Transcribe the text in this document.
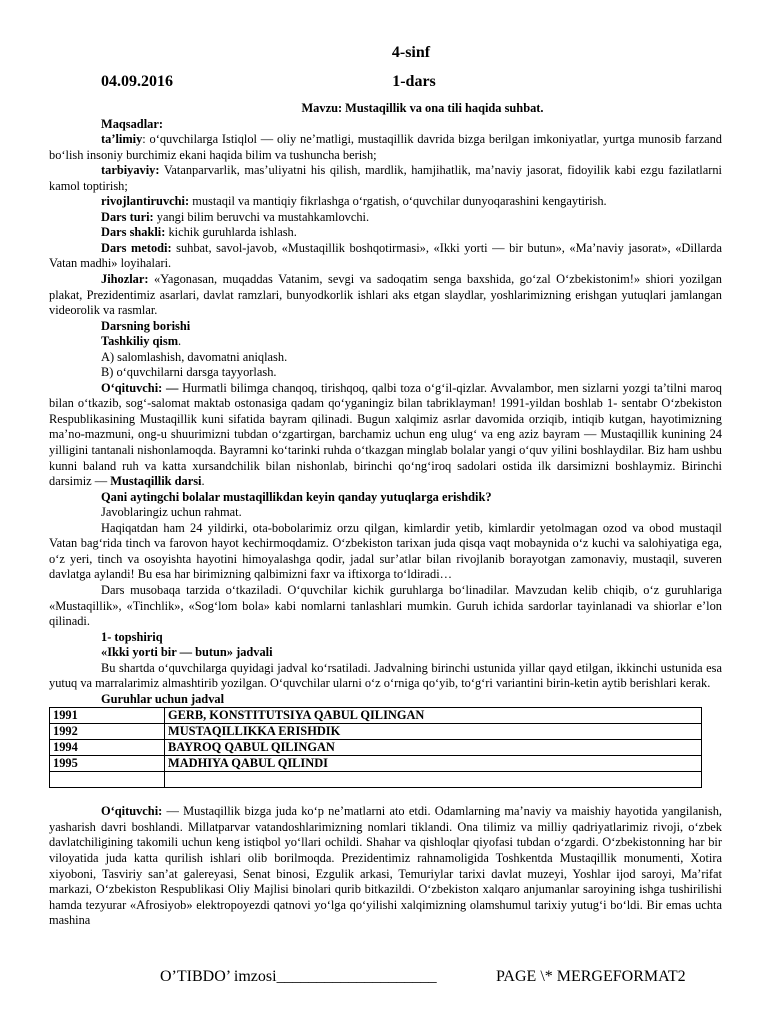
4-sinf
04.09.2016	1-dars
Mavzu: Mustaqillik va ona tili haqida suhbat.

Maqsadlar:

ta’limiy: o‘quvchilarga Istiqlol — oliy ne’matligi, mustaqillik davrida bizga berilgan imkoniyatlar, yurtga munosib farzand bo‘lish insoniy burchimiz ekani haqida bilim va tushuncha berish;

tarbiyaviy: Vatanparvarlik, mas’uliyatni his qilish, mardlik, hamjihatlik, ma’naviy jasorat, fidoyilik kabi ezgu fazilatlarni kamol toptirish;

rivojlantiruvchi: mustaqil va mantiqiy fikrlashga o‘rgatish, o‘quvchilar dunyoqarashini kengaytirish.

Dars turi: yangi bilim beruvchi va mustahkamlovchi.

Dars shakli: kichik guruhlarda ishlash.

Dars metodi: suhbat, savol-javob, «Mustaqillik boshqotirmasi», «Ikki yorti — bir butun», «Ma’naviy jasorat», «Dillarda Vatan madhi» loyihalari.

Jihozlar: «Yagonasan, muqaddas Vatanim, sevgi va sadoqatim senga baxshida, go‘zal O‘zbekistonim!» shiori yozilgan plakat, Prezidentimiz asarlari, davlat ramzlari, bunyodkorlik ishlari aks etgan slaydlar, yoshlarimizning erishgan yutuqlari jamlangan videorolik va rasmlar.

Darsning borishi

Tashkiliy qism.

A) salomlashish, davomatni aniqlash.

B) o‘quvchilarni darsga tayyorlash.

O‘qituvchi: — Hurmatli bilimga chanqoq, tirishqoq, qalbi toza o‘g‘il-qizlar. Avvalambor, men sizlarni yozgi ta’tilni maroq bilan o‘tkazib, sog‘-salomat maktab ostonasiga qadam qo‘yganingiz bilan tabriklayman! 1991-yildan boshlab 1- sentabr O‘zbekiston Respublikasining Mustaqillik kuni sifatida bayram qilinadi. Bugun xalqimiz asrlar davomida orziqib, intiqib kutgan, hayotimizning ma’no-mazmuni, ong-u shuurimizni tubdan o‘zgartirgan, barchamiz uchun eng ulug‘ va eng aziz bayram — Mustaqillik kunining 24 yilligini tantanali nishonlamoqda. Bayramni ko‘tarinki ruhda o‘tkazgan minglab bolalar yangi o‘quv yilini boshlaydilar. Biz ham ushbu kunni baland ruh va katta xursandchilik bilan nishonlab, birinchi qo‘ng‘iroq sadolari ostida ilk darsimizni boshlaymiz. Birinchi darsimiz — Mustaqillik darsi.

Qani aytingchi bolalar mustaqillikdan keyin qanday yutuqlarga erishdik?

Javoblaringiz uchun rahmat.

Haqiqatdan ham 24 yildirki, ota-bobolarimiz orzu qilgan, kimlardir yetib, kimlardir yetolmagan ozod va obod mustaqil Vatan bag‘rida tinch va farovon hayot kechirmoqdamiz. O‘zbekiston tarixan juda qisqa vaqt mobaynida o‘z kuchi va salohiyatiga ega, o‘z yeri, tinch va osoyishta hayotini himoyalashga qodir, jadal sur’atlar bilan rivojlanib borayotgan zamonaviy, mustaqil, suveren davlatga aylandi! Bu esa har birimizning qalbimizni faxr va iftixorga to‘ldiradi…

Dars musobaqa tarzida o‘tkaziladi. O‘quvchilar kichik guruhlarga bo‘linadilar. Mavzudan kelib chiqib, o‘z guruhlariga «Mustaqillik», «Tinchlik», «Sog‘lom bola» kabi nomlarni tanlashlari mumkin. Guruh ichida sardorlar tayinlanadi va shiorlar e’lon qilinadi.

1- topshiriq

«Ikki yorti bir — butun» jadvali

Bu shartda o‘quvchilarga quyidagi jadval ko‘rsatiladi. Jadvalning birinchi ustunida yillar qayd etilgan, ikkinchi ustunida esa yutuq va marralarimiz almashtirib yozilgan. O‘quvchilar ularni o‘z o‘rniga qo‘yib, to‘g‘ri variantini birin-ketin aytib berishlari kerak.

Guruhlar uchun jadval

1991	GERB, KONSTITUTSIYA QABUL QILINGAN
1992	MUSTAQILLIKKA ERISHDIK
1994	BAYROQ QABUL QILINGAN
1995	MADHIYA QABUL QILINDI

O‘qituvchi: — Mustaqillik bizga juda ko‘p ne’matlarni ato etdi. Odamlarning ma’naviy va maishiy hayotida yangilanish, yasharish davri boshlandi. Millatparvar vatandoshlarimizning nomlari tiklandi. Ona tilimiz va milliy qadriyatlarimiz rivoji, o‘zbek davlatchiligining takomili uchun keng istiqbol yo‘llari ochildi. Shahar va qishloqlar qiyofasi tubdan o‘zgardi. O‘zbekistonning har bir viloyatida juda katta qurilish ishlari olib borilmoqda. Prezidentimiz rahnamoligida Toshkentda Mustaqillik monumenti, Xotira xiyoboni, Tasviriy san’at galereyasi, Senat binosi, Ezgulik arkasi, Temuriylar tarixi davlat muzeyi, Yoshlar ijod saroyi, Ma’rifat markazi, O‘zbekiston Respublikasi Oliy Majlisi binolari qurib bitkazildi. O‘zbekiston xalqaro anjumanlar saroyining ishga tushirilishi hamda tezyurar «Afrosiyob» elektropoyezdi qatnovi yo‘lga qo‘yilishi xalqimizning olamshumul tarixiy yutug‘i bo‘ldi. Bir emas uchta mashina

O’TIBDO’ imzosi____________________	PAGE \* MERGEFORMAT2
